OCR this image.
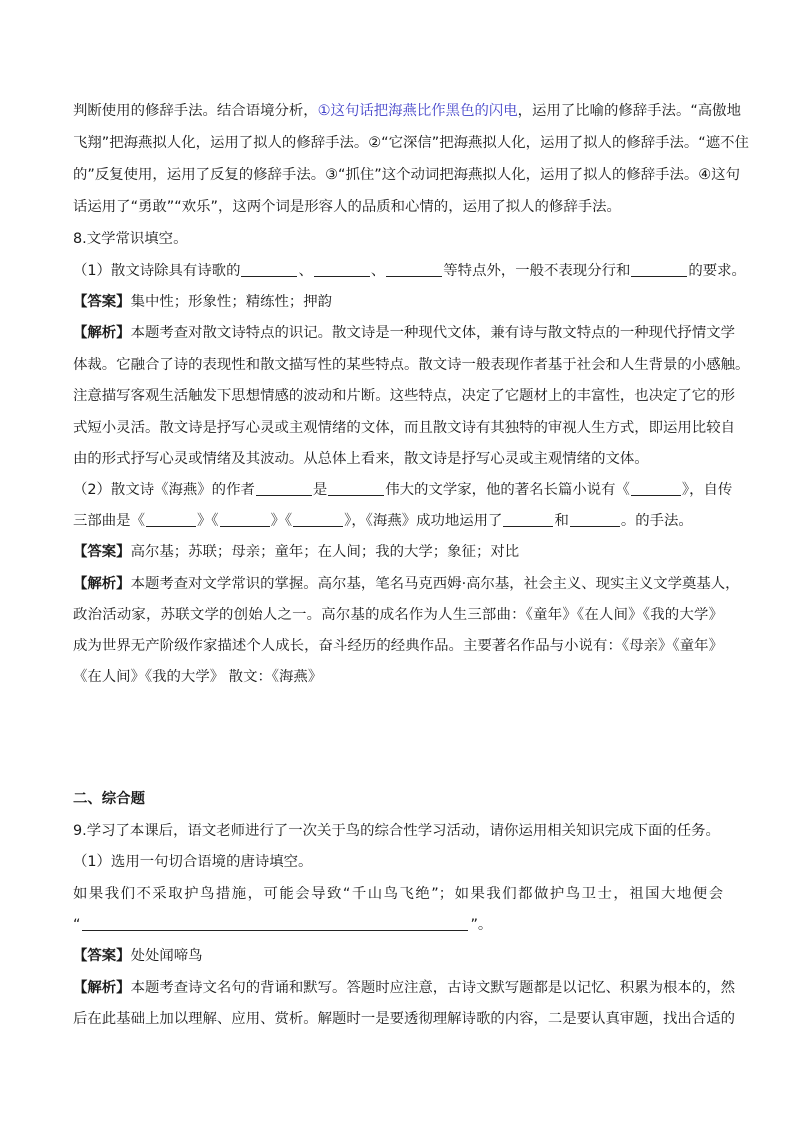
判断使用的修辞手法。结合语境分析，①这句话把海燕比作黑色的闪电，运用了比喻的修辞手法。“高傲地
飞翔”把海燕拟人化，运用了拟人的修辞手法。②“它深信”把海燕拟人化，运用了拟人的修辞手法。“遮不住
的”反复使用，运用了反复的修辞手法。③“抓住”这个动词把海燕拟人化，运用了拟人的修辞手法。④这句
话运用了“勇敢”“欢乐”，这两个词是形容人的品质和心情的，运用了拟人的修辞手法。
8.文学常识填空。
（1）散文诗除具有诗歌的	、	、	等特点外，一般不表现分行和	的要求。
【答案】集中性；形象性；精练性；押韵
【解析】本题考查对散文诗特点的识记。散文诗是一种现代文体，兼有诗与散文特点的一种现代抒情文学
体裁。它融合了诗的表现性和散文描写性的某些特点。散文诗一般表现作者基于社会和人生背景的小感触。
注意描写客观生活触发下思想情感的波动和片断。这些特点，决定了它题材上的丰富性，也决定了它的形
式短小灵活。散文诗是抒写心灵或主观情绪的文体，而且散文诗有其独特的审视人生方式，即运用比较自
由的形式抒写心灵或情绪及其波动。从总体上看来，散文诗是抒写心灵或主观情绪的文体。
（2）散文诗《海燕》的作者	是	伟大的文学家，他的著名长篇小说有《	》，自传
三部曲是《	》《	》《	》，《海燕》成功地运用了	和	。的手法。
【答案】高尔基；苏联；母亲；童年；在人间；我的大学；象征；对比
【解析】本题考查对文学常识的掌握。高尔基，笔名马克西姆·高尔基，社会主义、现实主义文学奠基人，
政治活动家，苏联文学的创始人之一。高尔基的成名作为人生三部曲：《童年》《在人间》《我的大学》
成为世界无产阶级作家描述个人成长，奋斗经历的经典作品。主要著名作品与小说有：《母亲》《童年》
《在人间》《我的大学》 散文：《海燕》
二、综合题
9.学习了本课后，语文老师进行了一次关于鸟的综合性学习活动，请你运用相关知识完成下面的任务。
（1）选用一句切合语境的唐诗填空。
如果我们不采取护鸟措施，可能会导致“千山鸟飞绝”；如果我们都做护鸟卫士，祖国大地便会
“	”。
【答案】处处闻啼鸟
【解析】本题考查诗文名句的背诵和默写。答题时应注意，古诗文默写题都是以记忆、积累为根本的，然
后在此基础上加以理解、应用、赏析。解题时一是要透彻理解诗歌的内容，二是要认真审题，找出合适的
